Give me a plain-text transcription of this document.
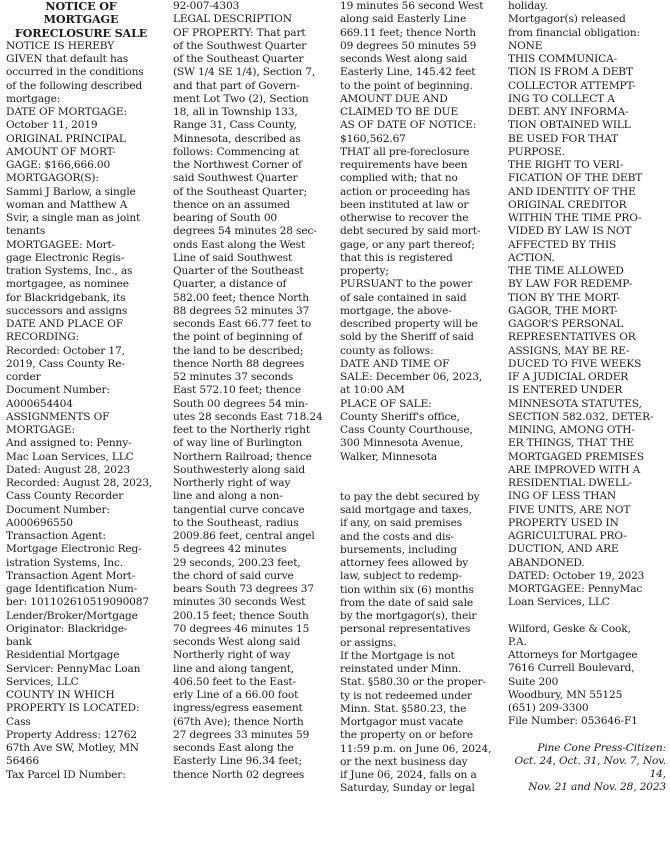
NOTICE OF
MORTGAGE
FORECLOSURE SALE

NOTICE IS HEREBY
GIVEN that default has
occurred in the conditions
of the following described
mortgage:

DATE OF MORTGAGE:
October 11, 2019

ORIGINAL PRINCIPAL
AMOUNT OF MORT-
GAGE: $166,666.00

MORTGAGOR(S):
Sammi J Barlow, a single
woman and Matthew A
Svir, a single man as joint
tenants

MORTGAGEE: Mort-
gage Electronic Regis-
tration Systems, Inc., as
mortgagee, as nominee
for Blackridgebank, its
successors and assigns

DATE AND PLACE OF
RECORDING:
Recorded: October 17,
2019, Cass County Re-
corder
Document Number:
A000654404

ASSIGNMENTS OF
MORTGAGE:
And assigned to: Penny-
Mac Loan Services, LLC
Dated: August 28, 2023
Recorded: August 28, 2023,
Cass County Recorder
Document Number:
A000696550

Transaction Agent:
Mortgage Electronic Reg-
istration Systems, Inc.
Transaction Agent Mort-
gage Identification Num-
ber: 101102610519090087
Lender/Broker/Mortgage
Originator: Blackridge-
bank
Residential Mortgage
Servicer: PennyMac Loan
Services, LLC

COUNTY IN WHICH
PROPERTY IS LOCATED:
Cass
Property Address: 12762
67th Ave SW, Motley, MN
56466
Tax Parcel ID Number:

92-007-4303

LEGAL DESCRIPTION
OF PROPERTY: That part
of the Southwest Quarter
of the Southeast Quarter
(SW 1/4 SE 1/4), Section 7,
and that part of Govern-
ment Lot Two (2), Section
18, all in Township 133,
Range 31, Cass County,
Minnesota, described as
follows: Commencing at
the Northwest Corner of
said Southwest Quarter
of the Southeast Quarter;
thence on an assumed
bearing of South 00
degrees 54 minutes 28 sec-
onds East along the West
Line of said Southwest
Quarter of the Southeast
Quarter, a distance of
582.00 feet; thence North
88 degrees 52 minutes 37
seconds East 66.77 feet to
the point of beginning of
the land to be described;
thence North 88 degrees
52 minutes 37 seconds
East 572.10 feet; thence
South 00 degrees 54 min-
utes 28 seconds East 718.24
feet to the Northerly right
of way line of Burlington
Northern Railroad; thence
Southwesterly along said
Northerly right of way
line and along a non-
tangential curve concave
to the Southeast, radius
2009.86 feet, central angel
5 degrees 42 minutes
29 seconds, 200.23 feet,
the chord of said curve
bears South 73 degrees 37
minutes 30 seconds West
200.15 feet; thence South
70 degrees 46 minutes 15
seconds West along said
Northerly right of way
line and along tangent,
406.50 feet to the East-
erly Line of a 66.00 foot
ingress/egress easement
(67th Ave); thence North
27 degrees 33 minutes 59
seconds East along the
Easterly Line 96.34 feet;
thence North 02 degrees

19 minutes 56 second West
along said Easterly Line
669.11 feet; thence North
09 degrees 50 minutes 59
seconds West along said
Easterly Line, 145.42 feet
to the point of beginning.

AMOUNT DUE AND
CLAIMED TO BE DUE
AS OF DATE OF NOTICE:
$160,562.67

THAT all pre-foreclosure
requirements have been
complied with; that no
action or proceeding has
been instituted at law or
otherwise to recover the
debt secured by said mort-
gage, or any part thereof;
that this is registered
property;

PURSUANT to the power
of sale contained in said
mortgage, the above-
described property will be
sold by the Sheriff of said
county as follows:

DATE AND TIME OF
SALE: December 06, 2023,
at 10:00 AM

PLACE OF SALE:
County Sheriff's office,
Cass County Courthouse,
300 Minnesota Avenue,
Walker, Minnesota

to pay the debt secured by
said mortgage and taxes,
if any, on said premises
and the costs and dis-
bursements, including
attorney fees allowed by
law, subject to redemp-
tion within six (6) months
from the date of said sale
by the mortgagor(s), their
personal representatives
or assigns.

If the Mortgage is not
reinstated under Minn.
Stat. §580.30 or the proper-
ty is not redeemed under
Minn. Stat. §580.23, the
Mortgagor must vacate
the property on or before
11:59 p.m. on June 06, 2024,
or the next business day
if June 06, 2024, falls on a
Saturday, Sunday or legal

holiday.

Mortgagor(s) released
from financial obligation:
NONE

THIS COMMUNICA-
TION IS FROM A DEBT
COLLECTOR ATTEMPT-
ING TO COLLECT A
DEBT. ANY INFORMA-
TION OBTAINED WILL
BE USED FOR THAT
PURPOSE.

THE RIGHT TO VERI-
FICATION OF THE DEBT
AND IDENTITY OF THE
ORIGINAL CREDITOR
WITHIN THE TIME PRO-
VIDED BY LAW IS NOT
AFFECTED BY THIS
ACTION.

THE TIME ALLOWED
BY LAW FOR REDEMP-
TION BY THE MORT-
GAGOR, THE MORT-
GAGOR'S PERSONAL
REPRESENTATIVES OR
ASSIGNS, MAY BE RE-
DUCED TO FIVE WEEKS
IF A JUDICIAL ORDER
IS ENTERED UNDER
MINNESOTA STATUTES,
SECTION 582.032, DETER-
MINING, AMONG OTH-
ER THINGS, THAT THE
MORTGAGED PREMISES
ARE IMPROVED WITH A
RESIDENTIAL DWELL-
ING OF LESS THAN
FIVE UNITS, ARE NOT
PROPERTY USED IN
AGRICULTURAL PRO-
DUCTION, AND ARE
ABANDONED.

DATED: October 19, 2023
MORTGAGEE: PennyMac
Loan Services, LLC

Wilford, Geske & Cook,
P.A.
Attorneys for Mortgagee
7616 Currell Boulevard,
Suite 200
Woodbury, MN 55125
(651) 209-3300
File Number: 053646-F1

Pine Cone Press-Citizen:
Oct. 24, Oct. 31, Nov. 7, Nov. 14,
Nov. 21 and Nov. 28, 2023
